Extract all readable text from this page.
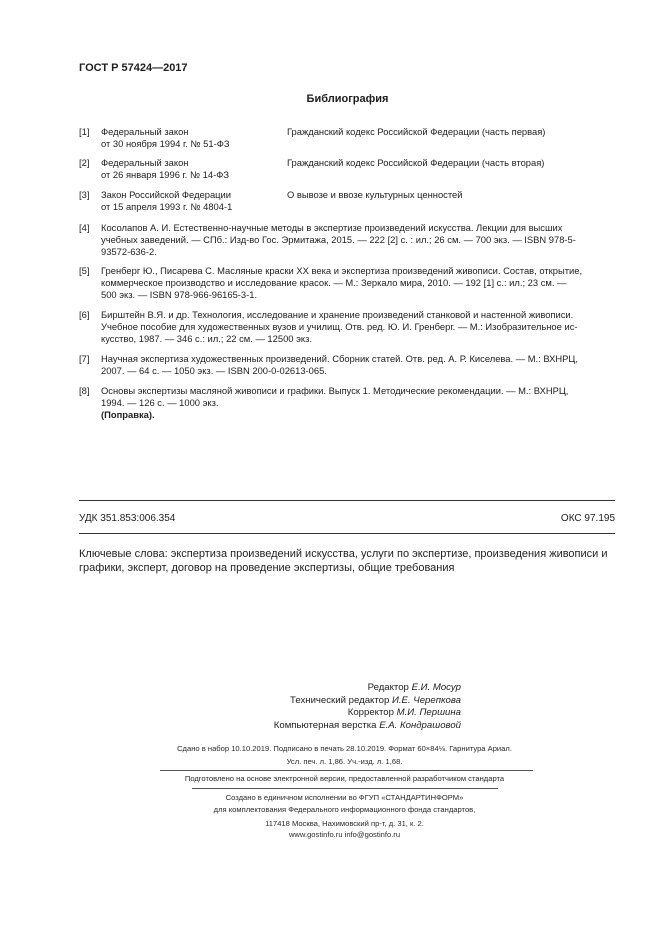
ГОСТ Р 57424—2017
Библиография
[1] Федеральный закон
от 30 ноября 1994 г. № 51-ФЗ
Гражданский кодекс Российской Федерации (часть первая)
[2] Федеральный закон
от 26 января 1996 г. № 14-ФЗ
Гражданский кодекс Российской Федерации (часть вторая)
[3] Закон Российской Федерации
от 15 апреля 1993 г. № 4804-1
О вывозе и ввозе культурных ценностей
[4] Косолапов А. И. Естественно-научные методы в экспертизе произведений искусства. Лекции для высших
учебных заведений. — СПб.: Изд-во Гос. Эрмитажа, 2015. — 222 [2] с. : ил.; 26 см. — 700 экз. — ISBN 978-5-
93572-636-2.
[5] Гренберг Ю., Писарева С. Масляные краски XX века и экспертиза произведений живописи. Состав, открытие,
коммерческое производство и исследование красок. — М.: Зеркало мира, 2010. — 192 [1] с.: ил.; 23 см. —
500 экз. — ISBN 978-966-96165-3-1.
[6] Бирштейн В.Я. и др. Технология, исследование и хранение произведений станковой и настенной живописи.
Учебное пособие для художественных вузов и училищ. Отв. ред. Ю. И. Гренберг. — М.: Изобразительное ис-
кусство, 1987. — 346 с.: ил.; 22 см. — 12500 экз.
[7] Научная экспертиза художественных произведений. Сборник статей. Отв. ред. А. Р. Киселева. — М.: ВХНРЦ,
2007. — 64 с. — 1050 экз. — ISBN 200-0-02613-065.
[8] Основы экспертизы масляной живописи и графики. Выпуск 1. Методические рекомендации. — М.: ВХНРЦ,
1994. — 126 с. — 1000 экз.
(Поправка).
УДК 351.853:006.354	ОКС 97.195
Ключевые слова: экспертиза произведений искусства, услуги по экспертизе, произведения живописи и графики, эксперт, договор на проведение экспертизы, общие требования
Редактор Е.И. Мосур
Технический редактор И.Е. Черепкова
Корректор М.И. Першина
Компьютерная верстка Е.А. Кондрашовой
Сдано в набор 10.10.2019. Подписано в печать 28.10.2019. Формат 60×84⅛. Гарнитура Ариал.
Усл. печ. л. 1,86. Уч.-изд. л. 1,68.
Подготовлено на основе электронной версии, предоставленной разработчиком стандарта
Создано в единичном исполнении во ФГУП «СТАНДАРТИНФОРМ»
для комплектования Федерального информационного фонда стандартов,
117418 Москва, Нахимовский пр-т, д. 31, к. 2.
www.gostinfo.ru info@gostinfo.ru
